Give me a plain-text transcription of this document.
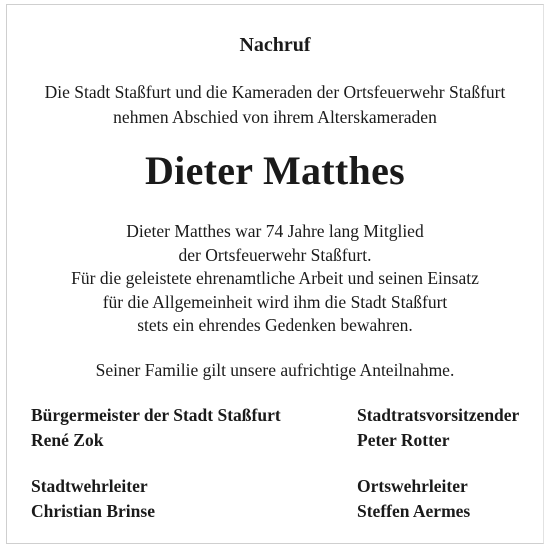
Nachruf
Die Stadt Staßfurt und die Kameraden der Ortsfeuerwehr Staßfurt
nehmen Abschied von ihrem Alterskameraden
Dieter Matthes
Dieter Matthes war 74 Jahre lang Mitglied
der Ortsfeuerwehr Staßfurt.
Für die geleistete ehrenamtliche Arbeit und seinen Einsatz
für die Allgemeinheit wird ihm die Stadt Staßfurt
stets ein ehrendes Gedenken bewahren.
Seiner Familie gilt unsere aufrichtige Anteilnahme.
Bürgermeister der Stadt Staßfurt
René Zok
Stadtratsvorsitzender
Peter Rotter
Stadtwehrleiter
Christian Brinse
Ortswehrleiter
Steffen Aermes
